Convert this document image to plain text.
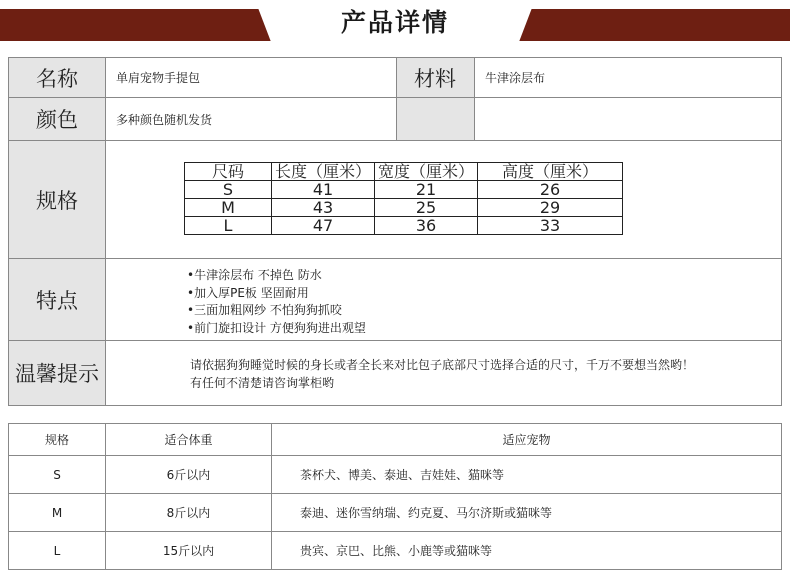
产品详情
名称	单肩宠物手提包	材料	牛津涂层布
颜色	多种颜色随机发货
规格
尺码	长度（厘米）	宽度（厘米）	高度（厘米）
S	41	21	26
M	43	25	29
L	47	36	33
特点
•牛津涂层布 不掉色 防水
•加入厚PE板 坚固耐用
•三面加粗网纱 不怕狗狗抓咬
•前门旋扣设计 方便狗狗进出观望
温馨提示	请依据狗狗睡觉时候的身长或者全长来对比包子底部尺寸选择合适的尺寸，千万不要想当然哟！
有任何不清楚请咨询掌柜哟
规格	适合体重	适应宠物
S	6斤以内	茶杯犬、博美、泰迪、吉娃娃、猫咪等
M	8斤以内	泰迪、迷你雪纳瑞、约克夏、马尔济斯或猫咪等
L	15斤以内	贵宾、京巴、比熊、小鹿等或猫咪等
